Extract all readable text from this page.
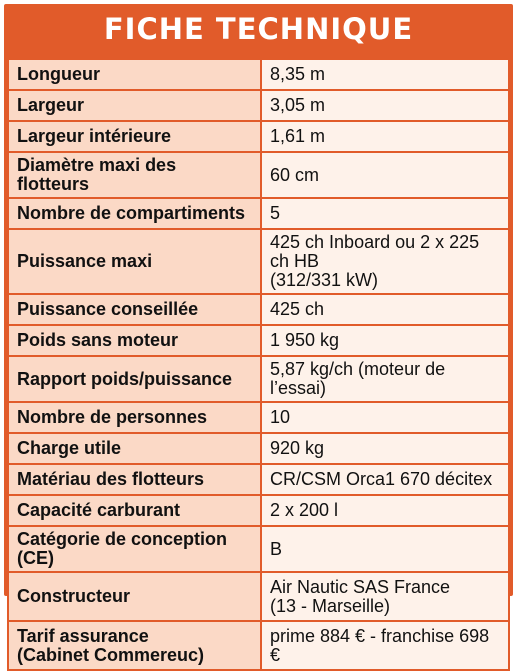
FICHE TECHNIQUE
Longueur	8,35 m
Largeur	3,05 m
Largeur intérieure	1,61 m
Diamètre maxi des flotteurs	60 cm
Nombre de compartiments	5
Puissance maxi	425 ch Inboard ou 2 x 225 ch HB
(312/331 kW)
Puissance conseillée	425 ch
Poids sans moteur	1 950 kg
Rapport poids/puissance	5,87 kg/ch (moteur de l’essai)
Nombre de personnes	10
Charge utile	920 kg
Matériau des flotteurs	CR/CSM Orca1 670 décitex
Capacité carburant	2 x 200 l
Catégorie de conception (CE)	B
Constructeur	Air Nautic SAS France
(13 - Marseille)
Tarif assurance
(Cabinet Commereuc)	prime 884 € - franchise 698 €
